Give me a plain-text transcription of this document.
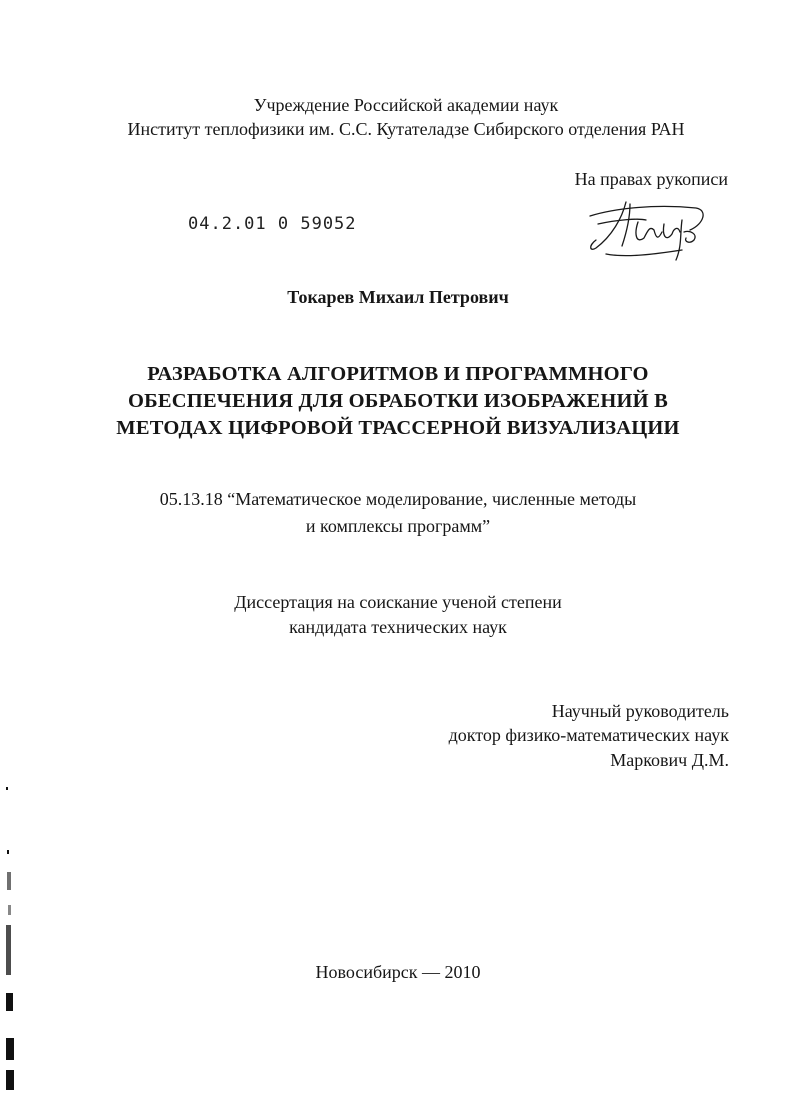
Учреждение Российской академии наук
Институт теплофизики им. С.С. Кутателадзе Сибирского отделения РАН
На правах рукописи
04.2.01 0 59052
Токарев Михаил Петрович
РАЗРАБОТКА АЛГОРИТМОВ И ПРОГРАММНОГО
ОБЕСПЕЧЕНИЯ ДЛЯ ОБРАБОТКИ ИЗОБРАЖЕНИЙ В
МЕТОДАХ ЦИФРОВОЙ ТРАССЕРНОЙ ВИЗУАЛИЗАЦИИ
05.13.18 “Математическое моделирование, численные методы
и комплексы программ”
Диссертация на соискание ученой степени
кандидата технических наук
Научный руководитель
доктор физико-математических наук
Маркович Д.М.
Новосибирск — 2010
